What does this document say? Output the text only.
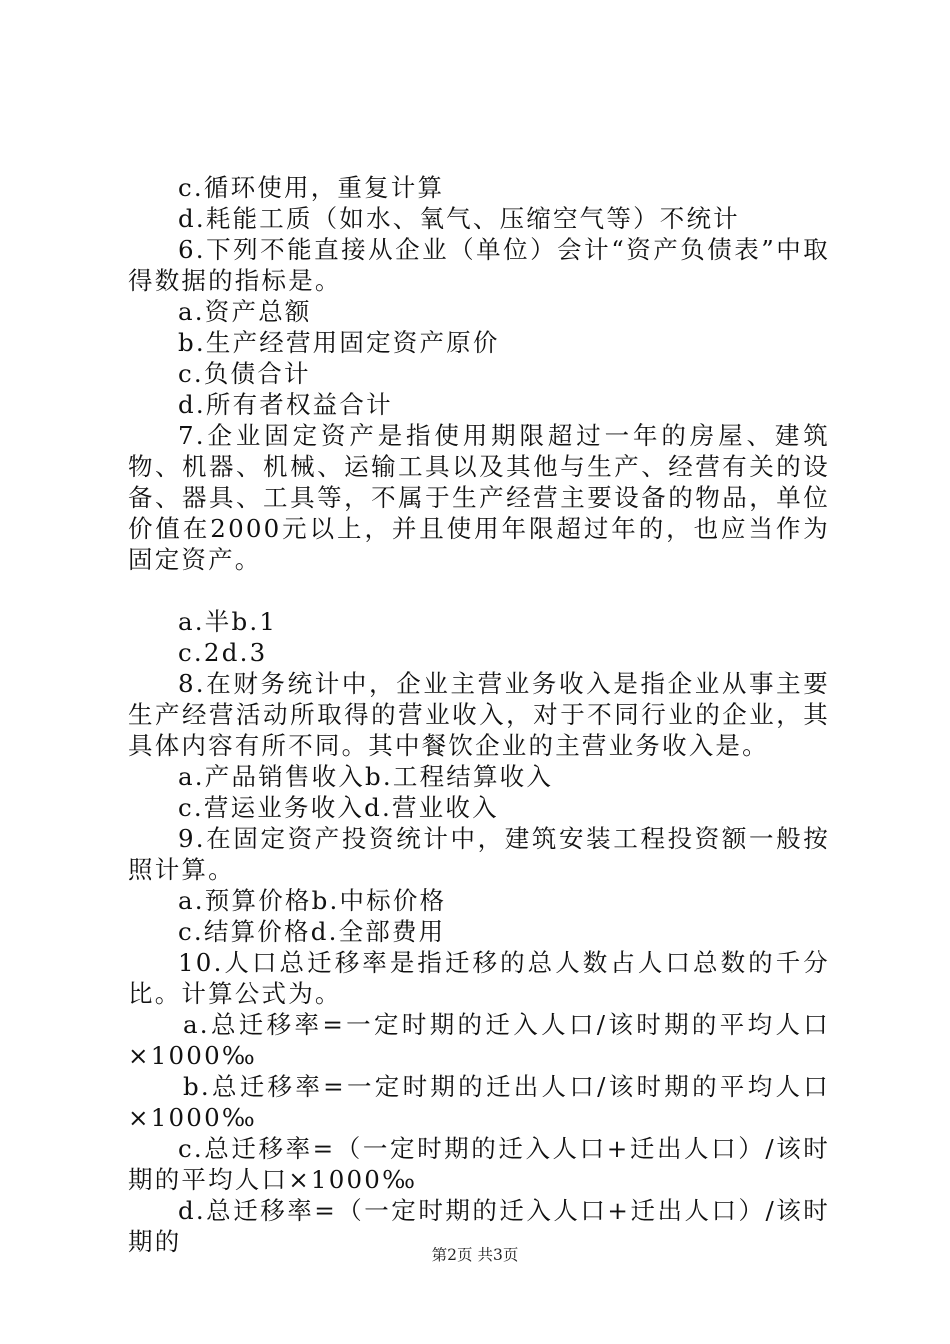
c.循环使用，重复计算

d.耗能工质（如水、氧气、压缩空气等）不统计

6.下列不能直接从企业（单位）会计“资产负债表”中取得数据的指标是。

a.资产总额

b.生产经营用固定资产原价

c.负债合计

d.所有者权益合计

7.企业固定资产是指使用期限超过一年的房屋、建筑物、机器、机械、运输工具以及其他与生产、经营有关的设备、器具、工具等，不属于生产经营主要设备的物品，单位价值在2000元以上，并且使用年限超过年的，也应当作为固定资产。

a.半b.1

c.2d.3

8.在财务统计中，企业主营业务收入是指企业从事主要生产经营活动所取得的营业收入，对于不同行业的企业，其具体内容有所不同。其中餐饮企业的主营业务收入是。

a.产品销售收入b.工程结算收入

c.营运业务收入d.营业收入

9.在固定资产投资统计中，建筑安装工程投资额一般按照计算。

a.预算价格b.中标价格

c.结算价格d.全部费用

10.人口总迁移率是指迁移的总人数占人口总数的千分比。计算公式为。

a.总迁移率=一定时期的迁入人口/该时期的平均人口×1000‰

b.总迁移率=一定时期的迁出人口/该时期的平均人口×1000‰

c.总迁移率=（一定时期的迁入人口+迁出人口）/该时期的平均人口×1000‰

d.总迁移率=（一定时期的迁入人口+迁出人口）/该时期的	第2页 共3页
